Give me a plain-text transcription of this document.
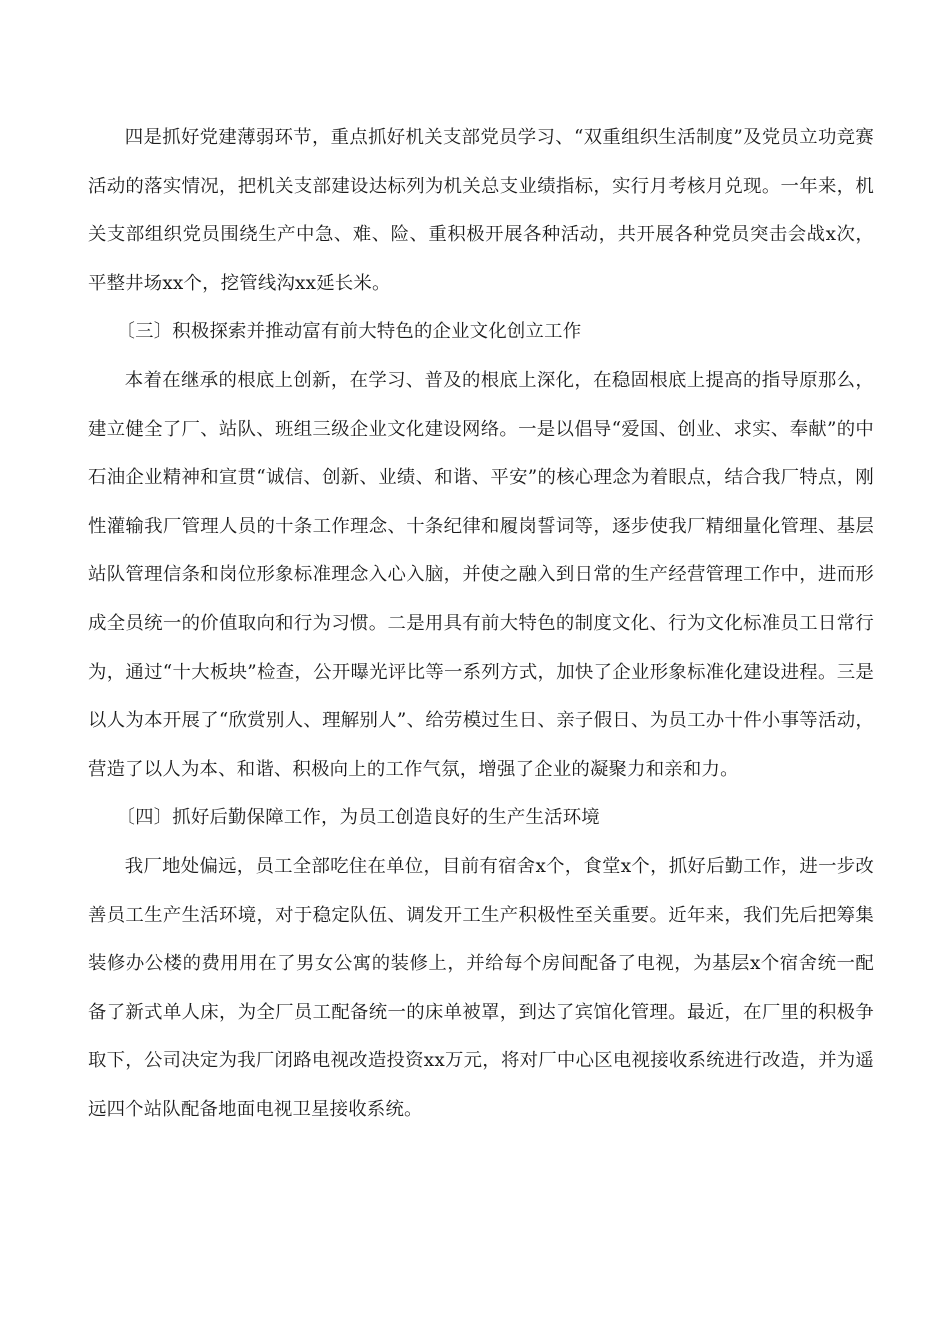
四是抓好党建薄弱环节，重点抓好机关支部党员学习、“双重组织生活制度”及党员立功竞赛活动的落实情况，把机关支部建设达标列为机关总支业绩指标，实行月考核月兑现。一年来，机关支部组织党员围绕生产中急、难、险、重积极开展各种活动，共开展各种党员突击会战x次，平整井场xx个，挖管线沟xx延长米。

〔三〕积极探索并推动富有前大特色的企业文化创立工作

本着在继承的根底上创新，在学习、普及的根底上深化，在稳固根底上提高的指导原那么，建立健全了厂、站队、班组三级企业文化建设网络。一是以倡导“爱国、创业、求实、奉献”的中石油企业精神和宣贯“诚信、创新、业绩、和谐、平安”的核心理念为着眼点，结合我厂特点，刚性灌输我厂管理人员的十条工作理念、十条纪律和履岗誓词等，逐步使我厂精细量化管理、基层站队管理信条和岗位形象标准理念入心入脑，并使之融入到日常的生产经营管理工作中，进而形成全员统一的价值取向和行为习惯。二是用具有前大特色的制度文化、行为文化标准员工日常行为，通过“十大板块”检查，公开曝光评比等一系列方式，加快了企业形象标准化建设进程。三是以人为本开展了“欣赏别人、理解别人”、给劳模过生日、亲子假日、为员工办十件小事等活动，营造了以人为本、和谐、积极向上的工作气氛，增强了企业的凝聚力和亲和力。

〔四〕抓好后勤保障工作，为员工创造良好的生产生活环境

我厂地处偏远，员工全部吃住在单位，目前有宿舍x个，食堂x个，抓好后勤工作，进一步改善员工生产生活环境，对于稳定队伍、调发开工生产积极性至关重要。近年来，我们先后把筹集装修办公楼的费用用在了男女公寓的装修上，并给每个房间配备了电视，为基层x个宿舍统一配备了新式单人床，为全厂员工配备统一的床单被罩，到达了宾馆化管理。最近，在厂里的积极争取下，公司决定为我厂闭路电视改造投资xx万元，将对厂中心区电视接收系统进行改造，并为遥远四个站队配备地面电视卫星接收系统。
